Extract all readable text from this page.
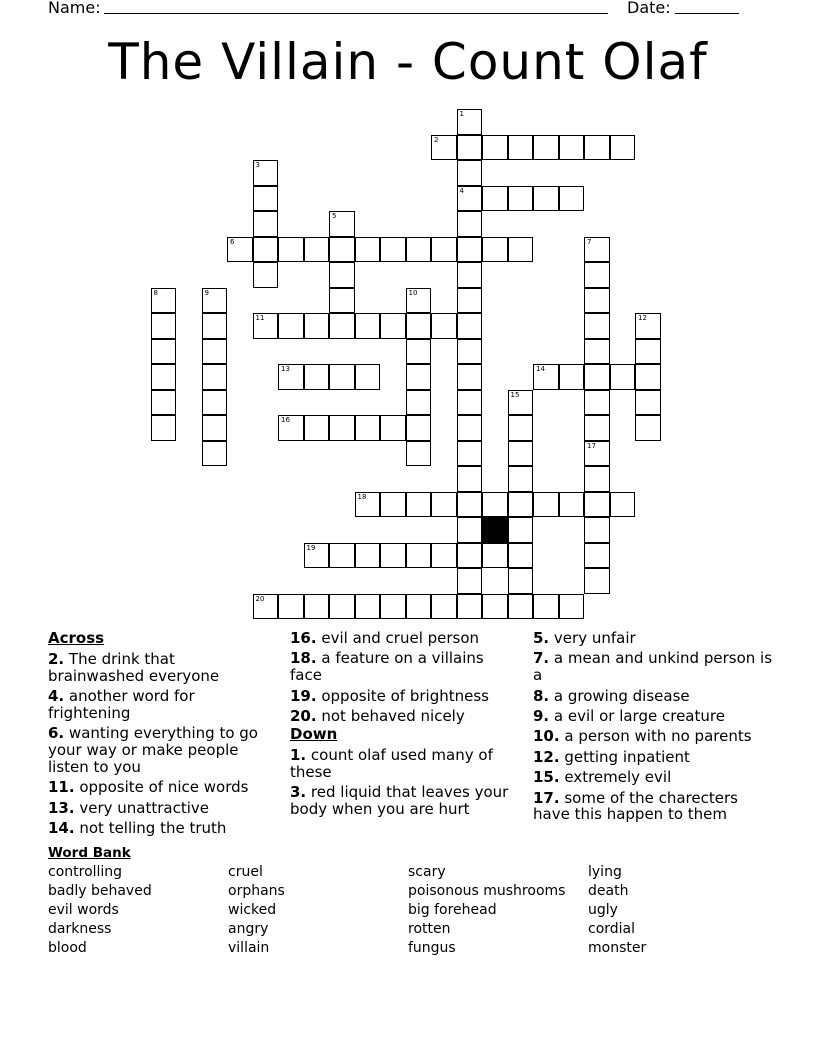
Name:	Date:
The Villain - Count Olaf
1
4
2
3
5
6	7
8	9	10
11	12
13	14
15
16
17
18
19
20
Across
2. The drink that brainwashed everyone
4. another word for frightening
6. wanting everything to go your way or make people listen to you
11. opposite of nice words
13. very unattractive
14. not telling the truth
16. evil and cruel person
18. a feature on a villains face
19. opposite of brightness
20. not behaved nicely
Down
1. count olaf used many of these
3. red liquid that leaves your body when you are hurt
5. very unfair
7. a mean and unkind person is a
8. a growing disease
9. a evil or large creature
10. a person with no parents
12. getting inpatient
15. extremely evil
17. some of the charecters have this happen to them
Word Bank
controlling
badly behaved
evil words
darkness
blood
cruel
orphans
wicked
angry
villain
scary
poisonous mushrooms
big forehead
rotten
fungus
lying
death
ugly
cordial
monster
